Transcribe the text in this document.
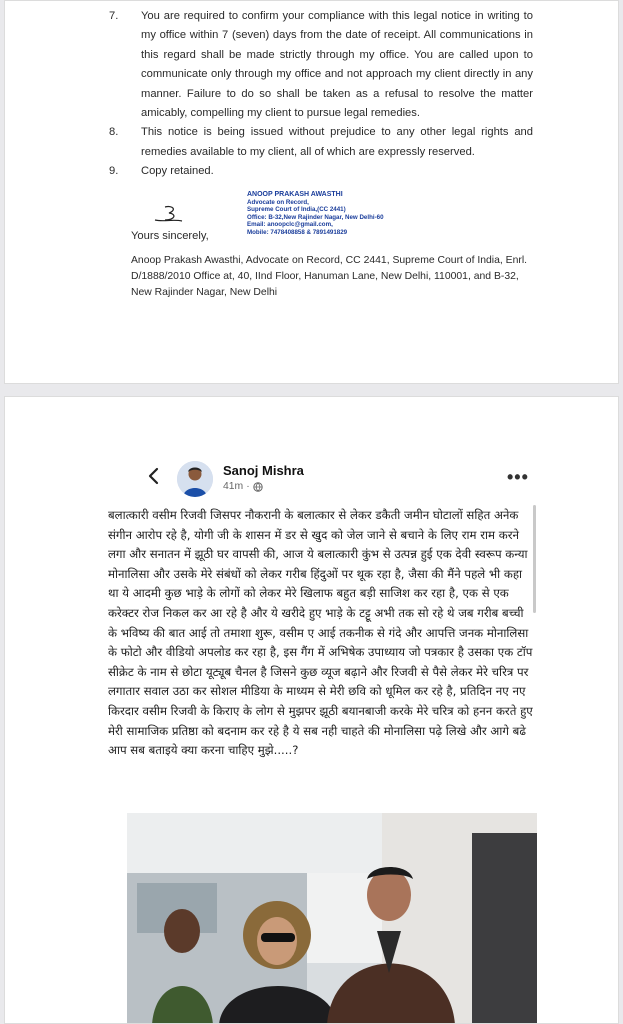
7.	You are required to confirm your compliance with this legal notice in writing to my office within 7 (seven) days from the date of receipt. All communications in this regard shall be made strictly through my office. You are called upon to communicate only through my office and not approach my client directly in any manner. Failure to do so shall be taken as a refusal to resolve the matter amicably, compelling my client to pursue legal remedies.
8.	This notice is being issued without prejudice to any other legal rights and remedies available to my client, all of which are expressly reserved.
9.	Copy retained.
ANOOP PRAKASH AWASTHI
Advocate on Record,
Supreme Court of India,(CC 2441)
Office: B-32,New Rajinder Nagar, New Delhi-60
Email: anoopclc@gmail.com,
Mobile: 7478408858 & 7891491829
Yours sincerely,
Anoop Prakash Awasthi, Advocate on Record, CC 2441, Supreme Court of India, Enrl. D/1888/2010 Office at, 40, IInd Floor, Hanuman Lane, New Delhi, 110001, and B-32, New Rajinder Nagar, New Delhi
Sanoj Mishra
41m ·	•••

बलात्कारी वसीम रिजवी जिसपर नौकरानी के बलात्कार से लेकर डकैती जमीन घोटालों सहित अनेक संगीन आरोप रहे है, योगी जी के शासन में डर से खुद को जेल जाने से बचाने के लिए राम राम करने लगा और सनातन में झूठी घर वापसी की, आज ये बलात्कारी कुंभ से उत्पन्न हुई एक देवी स्वरूप कन्या मोनालिसा और उसके मेरे संबंधों को लेकर गरीब हिंदुओं पर थूक रहा है, जैसा की मैंने पहले भी कहा था ये आदमी कुछ भाड़े के लोगों को लेकर मेरे खिलाफ बहुत बड़ी साजिश कर रहा है, एक से एक करेक्टर रोज निकल कर आ रहे है और ये खरीदे हुए भाड़े के टट्टू अभी तक सो रहे थे जब गरीब बच्ची के भविष्य की बात आई तो तमाशा शुरू, वसीम ए आई तकनीक से गंदे और आपत्ति जनक मोनालिसा के फोटो और वीडियो अपलोड कर रहा है, इस गैंग में अभिषेक उपाध्याय जो पत्रकार है उसका एक टॉप सीक्रेट के नाम से छोटा यूट्यूब चैनल है जिसने कुछ व्यूज बढ़ाने और रिजवी से पैसे लेकर मेरे चरित्र पर लगातार सवाल उठा कर सोशल मीडिया के माध्यम से मेरी छवि को धूमिल कर रहे है, प्रतिदिन नए नए किरदार वसीम रिजवी के किराए के लोग से मुझपर झूठी बयानबाजी करके मेरे चरित्र को हनन करते हुए मेरी सामाजिक प्रतिष्ठा को बदनाम कर रहे है ये सब नही चाहते की मोनालिसा पढ़े लिखे और आगे बढे आप सब बताइये क्या करना चाहिए मुझे.....?
